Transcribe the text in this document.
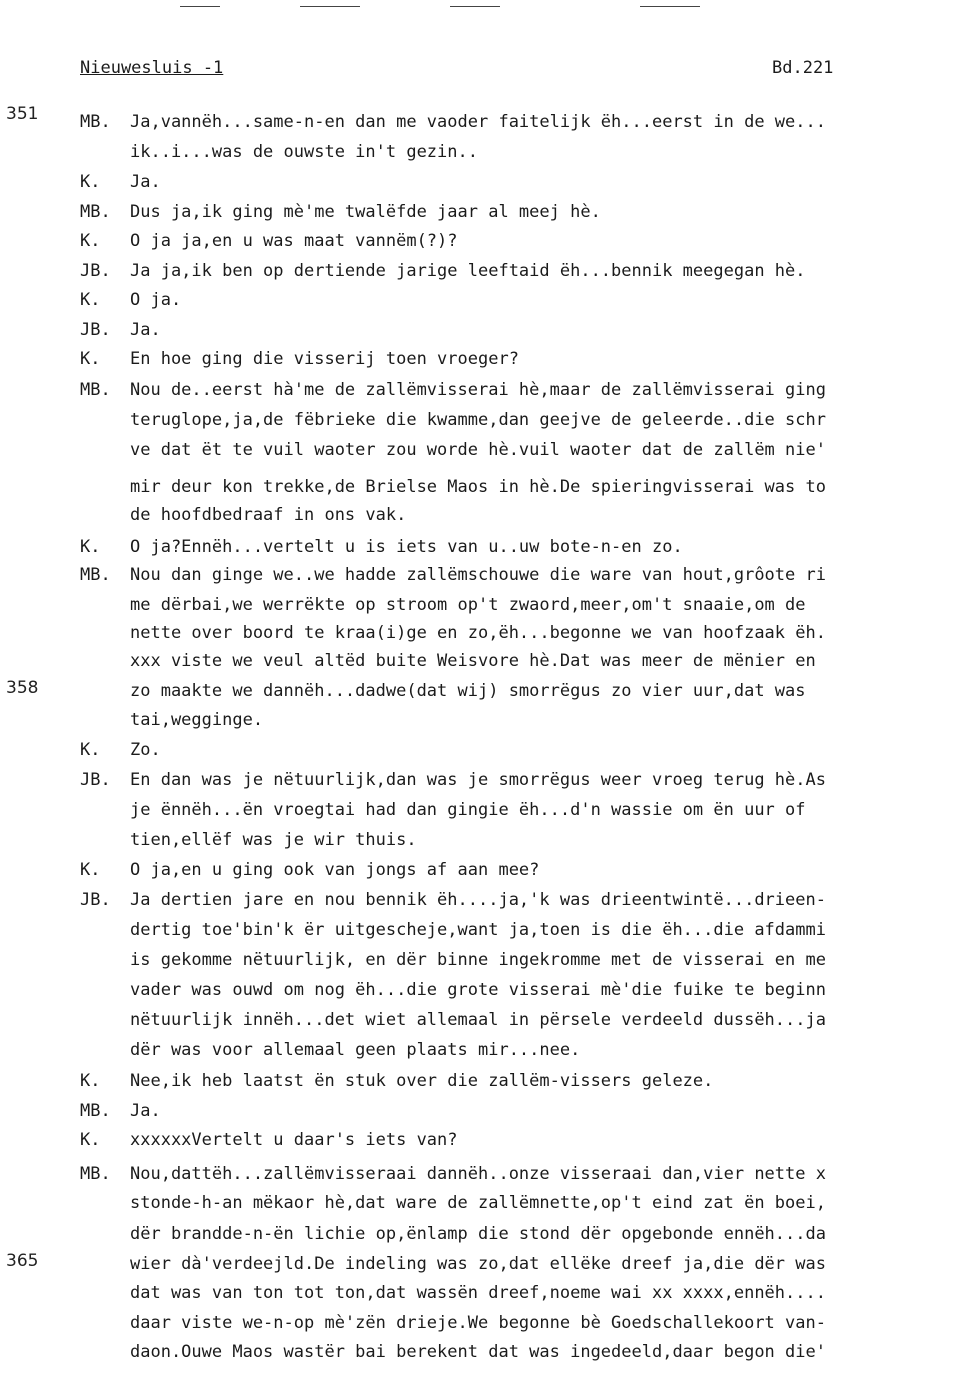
Nieuwesluis -1	Bd.221
351
358
365
MB.	Ja,vannëh...same-n-en dan me vaoder faitelijk ëh...eerst in de we...
ik..i...was de ouwste in't gezin..
K.	Ja.
MB.	Dus ja,ik ging mè'me twalëfde jaar al meej hè.
K.	O ja ja,en u was maat vannëm(?)?
JB.	Ja ja,ik ben op dertiende jarige leeftaid ëh...bennik meegegan hè.
K.	O ja.
JB.	Ja.
K.	En hoe ging die visserij toen vroeger?
MB.	Nou de..eerst hà'me de zallëmvisserai hè,maar de zallëmvisserai ging
teruglope,ja,de fëbrieke die kwamme,dan geejve de geleerde..die schr
ve dat ët te vuil waoter zou worde hè.vuil waoter dat de zallëm nie'
mir deur kon trekke,de Brielse Maos in hè.De spieringvisserai was to
de hoofdbedraaf in ons vak.
K.	O ja?Ennëh...vertelt u is iets van u..uw bote-n-en zo.
MB.	Nou dan ginge we..we hadde zallëmschouwe die ware van hout,grôote ri
me dërbai,we werrëkte op stroom op't zwaord,meer,om't snaaie,om de
nette over boord te kraa(i)ge en zo,ëh...begonne we van hoofzaak ëh.
xxx viste we veul altëd buite Weisvore hè.Dat was meer de mënier en
zo maakte we dannëh...dadwe(dat wij) smorrëgus zo vier uur,dat was
tai,wegginge.
K.	Zo.
JB.	En dan was je nëtuurlijk,dan was je smorrëgus weer vroeg terug hè.As
je ënnëh...ën vroegtai had dan gingie ëh...d'n wassie om ën uur of
tien,ellëf was je wir thuis.
K.	O ja,en u ging ook van jongs af aan mee?
JB.	Ja dertien jare en nou bennik ëh....ja,'k was drieentwintë...drieen-
dertig toe'bin'k ër uitgescheje,want ja,toen is die ëh...die afdammi
is gekomme nëtuurlijk, en dër binne ingekromme met de visserai en me
vader was ouwd om nog ëh...die grote visserai mè'die fuike te beginn
nëtuurlijk innëh...det wiet allemaal in përsele verdeeld dussëh...ja
dër was voor allemaal geen plaats mir...nee.
K.	Nee,ik heb laatst ën stuk over die zallëm-vissers geleze.
MB.	Ja.
K.	xxxxxxVertelt u daar's iets van?
MB.	Nou,dattëh...zallëmvisseraai dannëh..onze visseraai dan,vier nette x
stonde-h-an mëkaor hè,dat ware de zallëmnette,op't eind zat ën boei,
dër brandde-n-ën lichie op,ënlamp die stond dër opgebonde ennëh...da
wier dà'verdeejld.De indeling was zo,dat ellëke dreef ja,die dër was
dat was van ton tot ton,dat wassën dreef,noeme wai xx xxxx,ennëh....
daar viste we-n-op mè'zën drieje.We begonne bè Goedschallekoort van-
daon.Ouwe Maos wastër bai berekent dat was ingedeeld,daar begon die'
